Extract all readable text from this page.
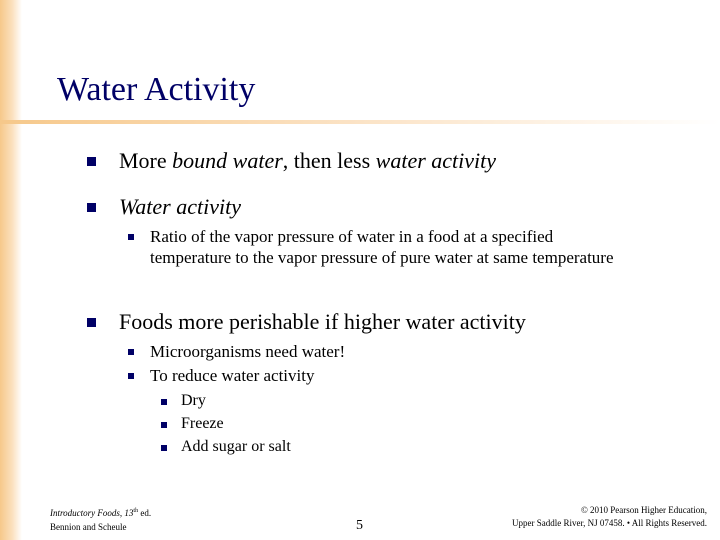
Water Activity
More bound water, then less water activity
Water activity
Ratio of the vapor pressure of water in a food at a specified temperature to the vapor pressure of pure water at same temperature
Foods more perishable if higher water activity
Microorganisms need water!
To reduce water activity
Dry
Freeze
Add sugar or salt
Introductory Foods, 13th ed.
Bennion and Scheule	5
© 2010 Pearson Higher Education,
Upper Saddle River, NJ 07458. • All Rights Reserved.
